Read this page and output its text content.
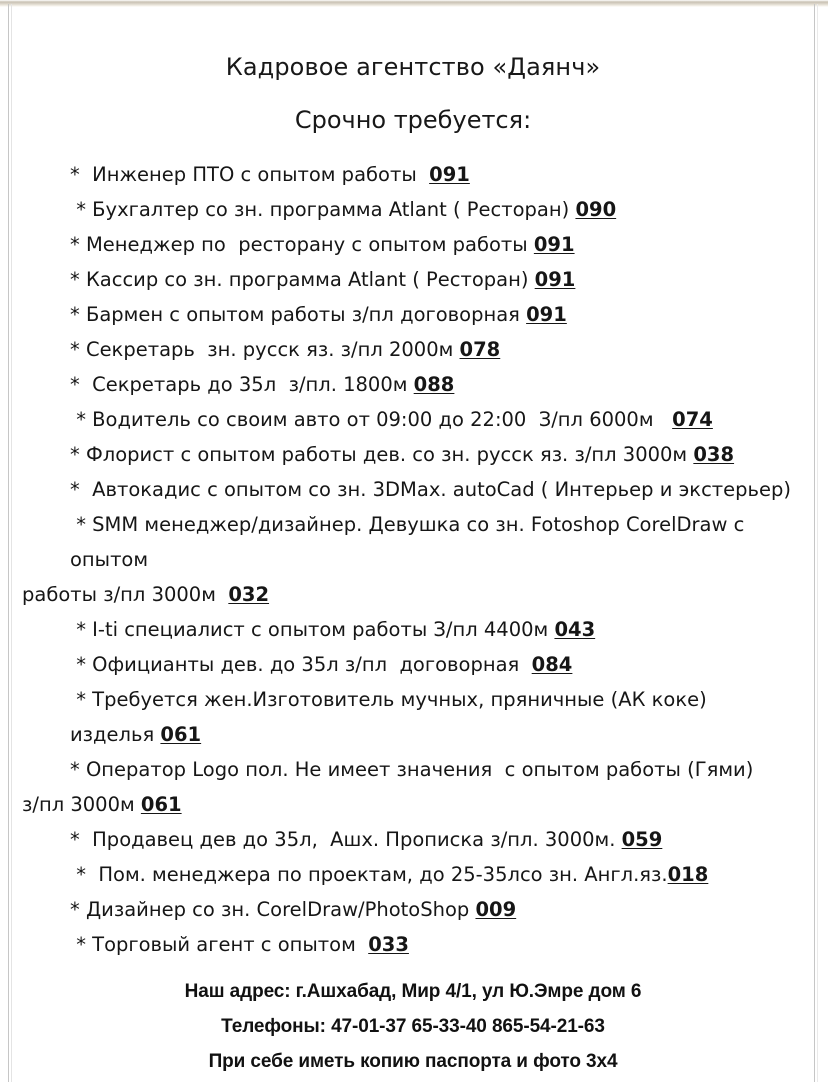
Кадровое агентство «Даянч»
Срочно требуется:
*  Инженер ПТО с опытом работы  091
* Бухгалтер со зн. программа Atlant ( Ресторан) 090
* Менеджер по  ресторану с опытом работы 091
* Кассир со зн. программа Atlant ( Ресторан) 091
* Бармен с опытом работы з/пл договорная 091
* Секретарь  зн. русск яз. з/пл 2000м 078
*  Секретарь до 35л  з/пл. 1800м 088
* Водитель со своим авто от 09:00 до 22:00  З/пл 6000м   074
* Флорист с опытом работы дев. со зн. русск яз. з/пл 3000м 038
*  Автокадис с опытом со зн. 3DMax. autoCad ( Интерьер и экстерьер)
* SMM менеджер/дизайнер. Девушка со зн. Fotoshop CorelDraw с опытом
работы з/пл 3000м  032
* I-ti специалист с опытом работы З/пл 4400м 043
* Официанты дев. до 35л з/пл  договорная  084
* Требуется жен.Изготовитель мучных, пряничные (АК коке) изделья 061
* Оператор Logo пол. Не имеет значения  с опытом работы (Гями)
з/пл 3000м 061
*  Продавец дев до 35л,  Ашх. Прописка з/пл. 3000м. 059
*  Пом. менеджера по проектам, до 25-35лсо зн. Англ.яз.018
* Дизайнер со зн. CorelDraw/PhotoShop 009
* Торговый агент с опытом  033
Наш адрес: г.Ашхабад, Мир 4/1, ул Ю.Эмре дом 6
Телефоны: 47-01-37 65-33-40 865-54-21-63
При себе иметь копию паспорта и фото 3х4
